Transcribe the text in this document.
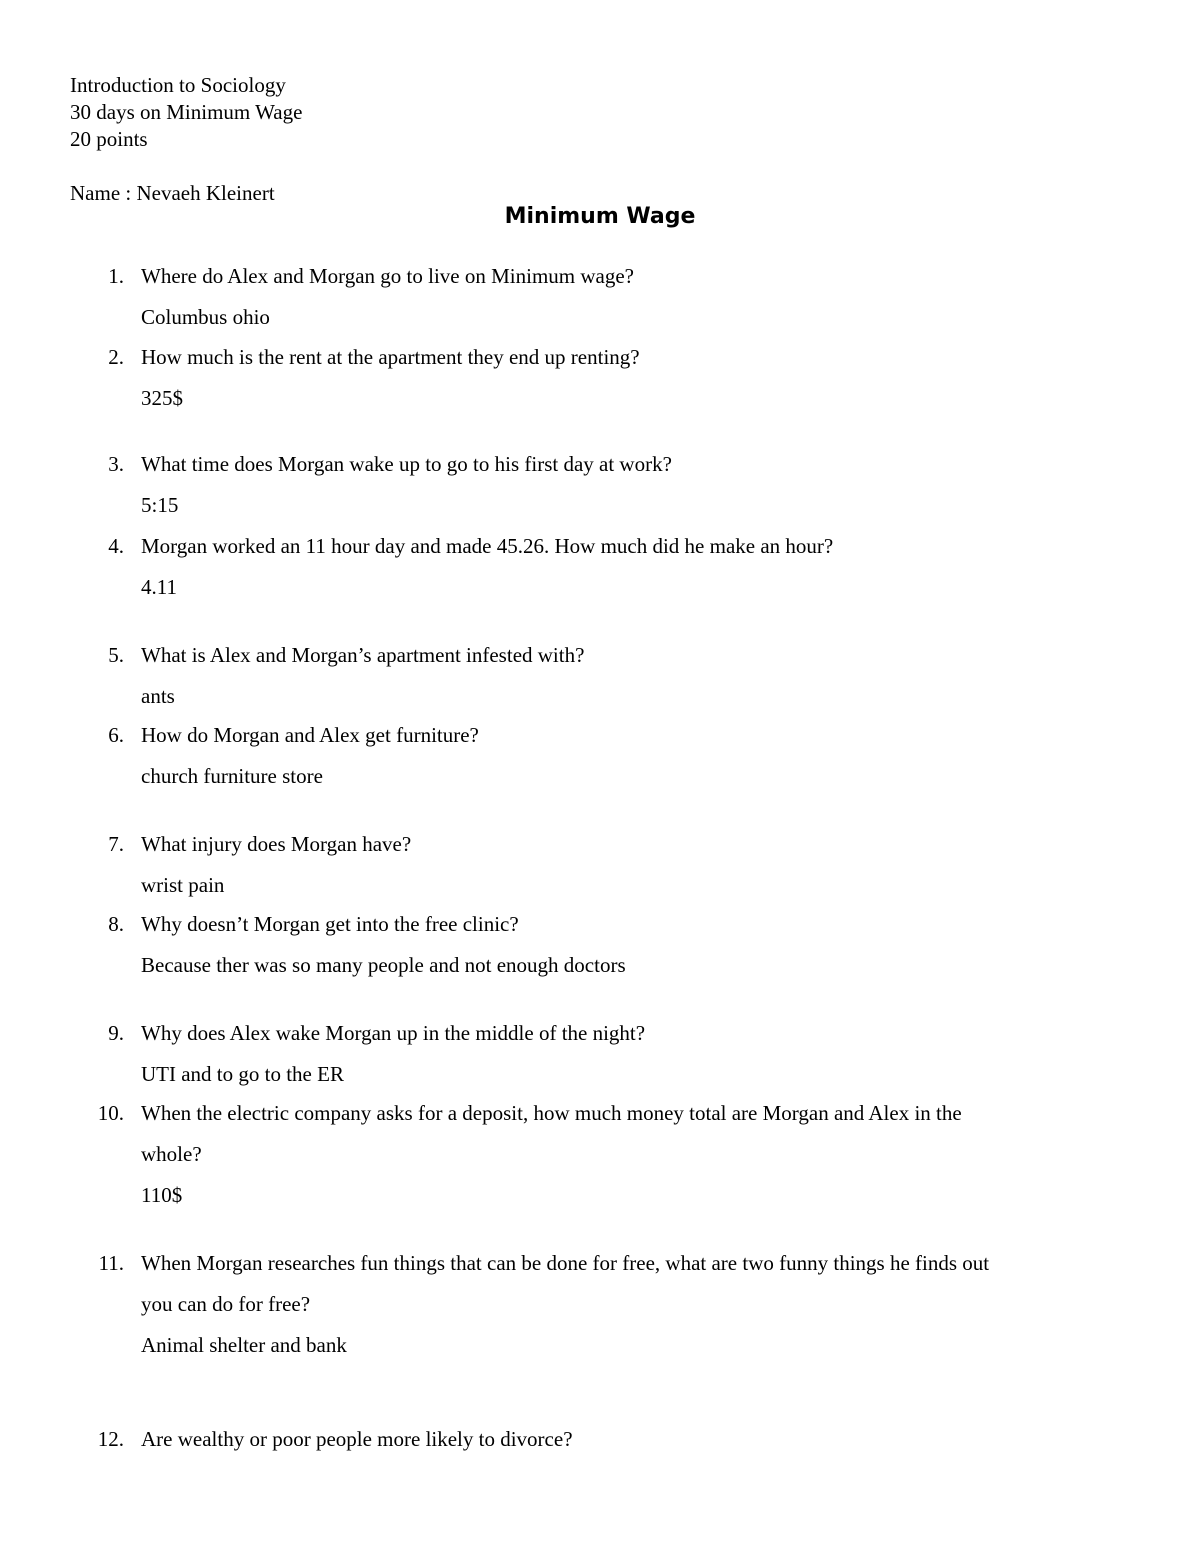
Introduction to Sociology
30 days on Minimum Wage
20 points
Name : Nevaeh Kleinert
Minimum Wage
1. Where do Alex and Morgan go to live on Minimum wage?
Columbus ohio
2. How much is the rent at the apartment they end up renting?
325$
3. What time does Morgan wake up to go to his first day at work?
5:15
4. Morgan worked an 11 hour day and made 45.26. How much did he make an hour?
4.11
5. What is Alex and Morgan’s apartment infested with?
ants
6. How do Morgan and Alex get furniture?
church furniture store
7. What injury does Morgan have?
wrist pain
8. Why doesn’t Morgan get into the free clinic?
Because ther was so many people and not enough doctors
9. Why does Alex wake Morgan up in the middle of the night?
UTI and to go to the ER
10. When the electric company asks for a deposit, how much money total are Morgan and Alex in the
whole?
110$
11. When Morgan researches fun things that can be done for free, what are two funny things he finds out
you can do for free?
Animal shelter and bank
12. Are wealthy or poor people more likely to divorce?
